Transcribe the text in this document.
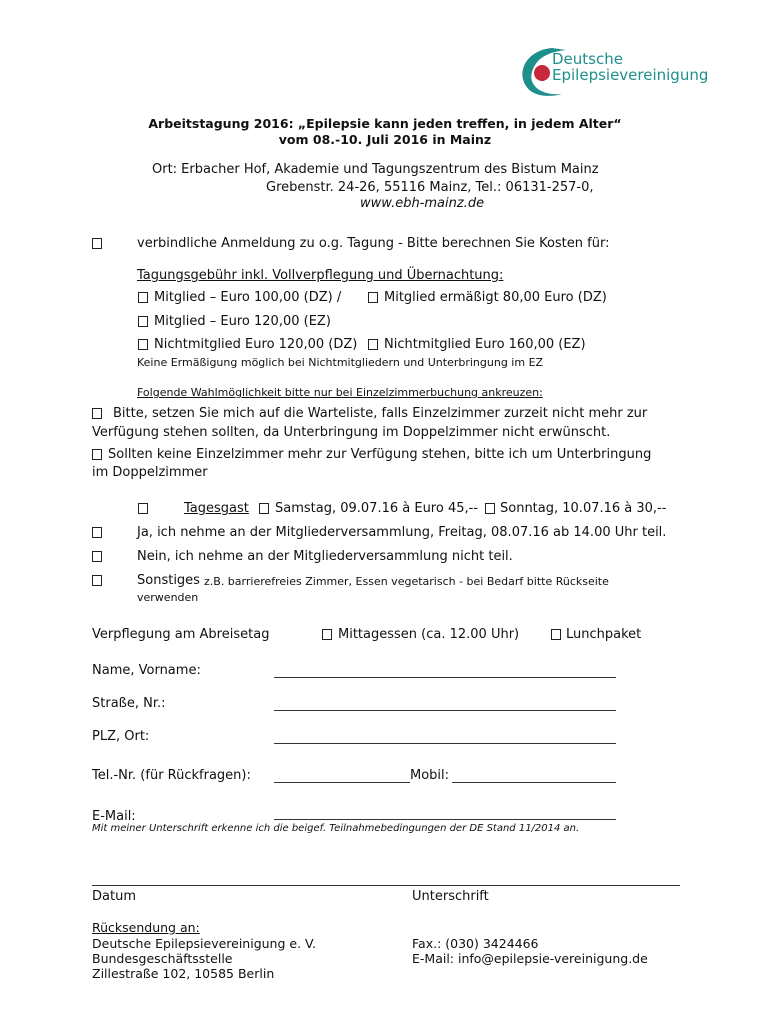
Deutsche
Epilepsievereinigung
Arbeitstagung 2016: „Epilepsie kann jeden treffen, in jedem Alter“
vom 08.-10. Juli 2016 in Mainz
Ort: Erbacher Hof, Akademie und Tagungszentrum des Bistum Mainz
Grebenstr. 24-26, 55116 Mainz, Tel.: 06131-257-0,
www.ebh-mainz.de
verbindliche Anmeldung zu o.g. Tagung - Bitte berechnen Sie Kosten für:
Tagungsgebühr inkl. Vollverpflegung und Übernachtung:
Mitglied – Euro 100,00 (DZ) /	Mitglied ermäßigt 80,00 Euro (DZ)
Mitglied – Euro 120,00 (EZ)
Nichtmitglied Euro 120,00 (DZ) Nichtmitglied Euro 160,00 (EZ)
Keine Ermäßigung möglich bei Nichtmitgliedern und Unterbringung im EZ
Folgende Wahlmöglichkeit bitte nur bei Einzelzimmerbuchung ankreuzen:
Bitte, setzen Sie mich auf die Warteliste, falls Einzelzimmer zurzeit nicht mehr zur
Verfügung stehen sollten, da Unterbringung im Doppelzimmer nicht erwünscht.
Sollten keine Einzelzimmer mehr zur Verfügung stehen, bitte ich um Unterbringung
im Doppelzimmer
Tagesgast Samstag, 09.07.16 à Euro 45,-- Sonntag, 10.07.16 à 30,--
Ja, ich nehme an der Mitgliederversammlung, Freitag, 08.07.16 ab 14.00 Uhr teil.
Nein, ich nehme an der Mitgliederversammlung nicht teil.
Sonstiges z.B. barrierefreies Zimmer, Essen vegetarisch - bei Bedarf bitte Rückseite
verwenden
Verpflegung am Abreisetag	Mittagessen (ca. 12.00 Uhr)	Lunchpaket
Name, Vorname:
Straße, Nr.:
PLZ, Ort:
Tel.-Nr. (für Rückfragen):	Mobil:
E-Mail:
Mit meiner Unterschrift erkenne ich die beigef. Teilnahmebedingungen der DE Stand 11/2014 an.
Datum	Unterschrift
Rücksendung an:
Deutsche Epilepsievereinigung e. V.
Bundesgeschäftsstelle
Zillestraße 102, 10585 Berlin
Fax.: (030) 3424466
E-Mail: info@epilepsie-vereinigung.de
